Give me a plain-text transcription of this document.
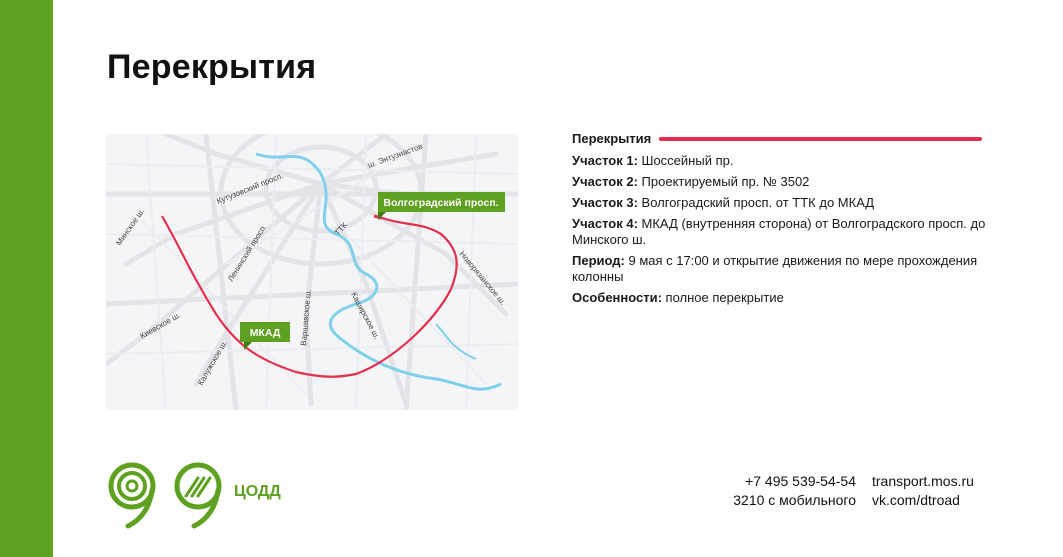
Перекрытия
Минское ш.
Кутузовский просп.
ш. Энтузиастов
ТТК
Ленинский просп.	Новорязанское ш.
Варшавское ш.	Каширское ш.
Киевское ш.
Калужское ш.
Волгоградский просп.
МКАД
Перекрытия
Участок 1: Шоссейный пр.
Участок 2: Проектируемый пр. № 3502
Участок 3: Волгоградский просп. от ТТК до МКАД
Участок 4: МКАД (внутренняя сторона) от Волгоградского просп. до Минского ш.
Период: 9 мая с 17:00 и открытие движения по мере прохождения колонны
Особенности: полное перекрытие
ЦОДД
+7 495 539-54-54
3210 с мобильного
transport.mos.ru
vk.com/dtroad
